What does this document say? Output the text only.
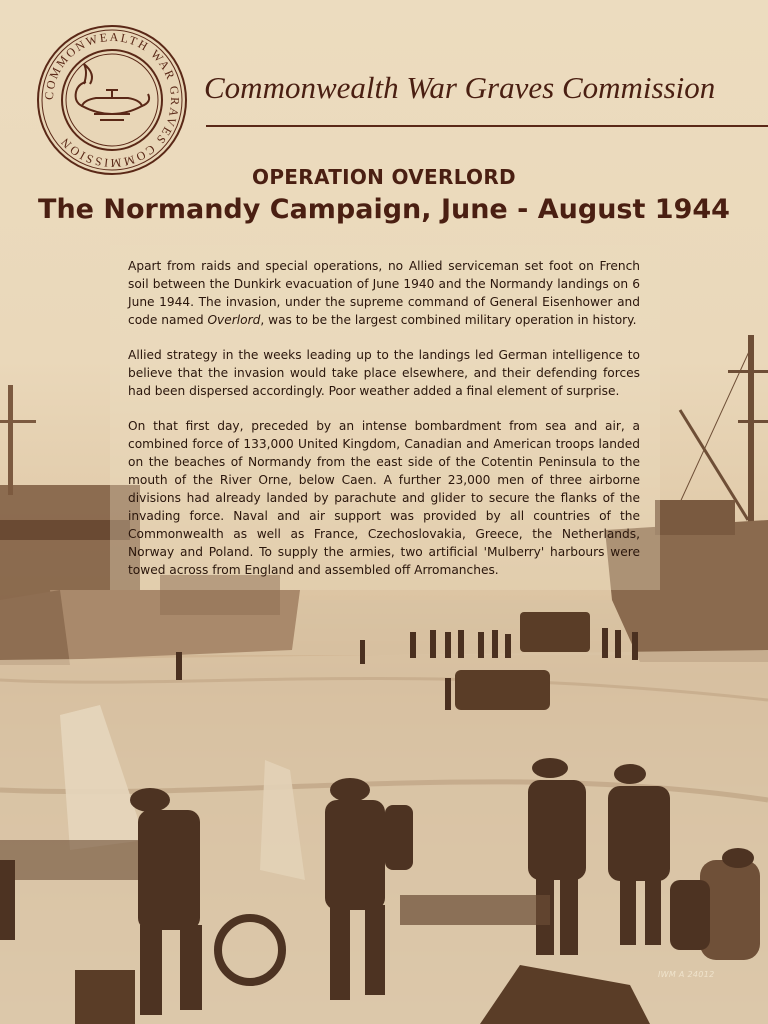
COMMONWEALTH WAR GRAVES COMMISSION
Commonwealth War Graves Commission
OPERATION OVERLORD
The Normandy Campaign, June - August 1944

Apart from raids and special operations, no Allied serviceman set foot on French soil between the Dunkirk evacuation of June 1940 and the Normandy landings on 6 June 1944. The invasion, under the supreme command of General Eisenhower and code named Overlord, was to be the largest combined military operation in history.

Allied strategy in the weeks leading up to the landings led German intelligence to believe that the invasion would take place elsewhere, and their defending forces had been dispersed accordingly. Poor weather added a final element of surprise.

On that first day, preceded by an intense bombardment from sea and air, a combined force of 133,000 United Kingdom, Canadian and American troops landed on the beaches of Normandy from the east side of the Cotentin Peninsula to the mouth of the River Orne, below Caen. A further 23,000 men of three airborne divisions had already landed by parachute and glider to secure the flanks of the invading force. Naval and air support was provided by all countries of the Commonwealth as well as France, Czechoslovakia, Greece, the Netherlands, Norway and Poland. To supply the armies, two artificial 'Mulberry' harbours were towed across from England and assembled off Arromanches.

IWM A 24012
